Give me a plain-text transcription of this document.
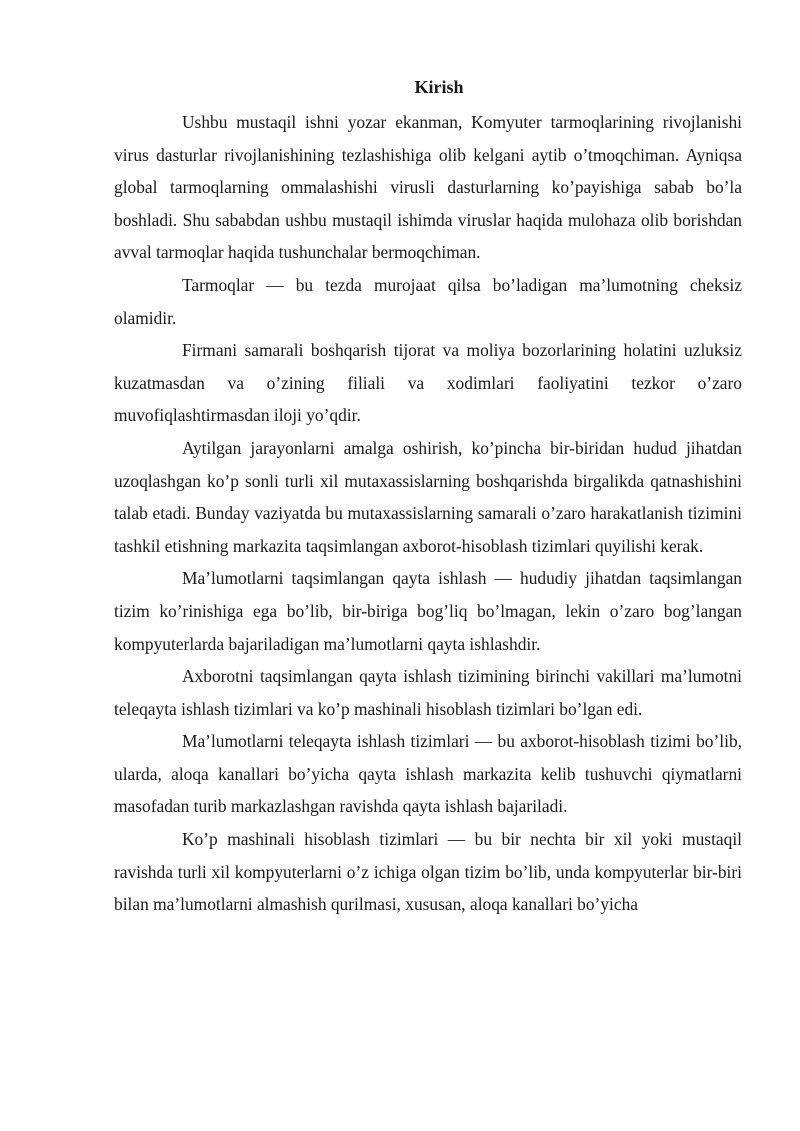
Kirish

Ushbu mustaqil ishni yozar ekanman, Komyuter tarmoqlarining rivojlanishi virus dasturlar rivojlanishining tezlashishiga olib kelgani aytib o’tmoqchiman. Ayniqsa global tarmoqlarning ommalashishi virusli dasturlarning ko’payishiga sabab bo’la boshladi. Shu sababdan ushbu mustaqil ishimda viruslar haqida mulohaza olib borishdan avval tarmoqlar haqida tushunchalar bermoqchiman.

Tarmoqlar — bu tezda murojaat qilsa bo’ladigan ma’lumotning cheksiz olamidir.

Firmani samarali boshqarish tijorat va moliya bozorlarining holatini uzluksiz kuzatmasdan va o’zining filiali va xodimlari faoliyatini tezkor o’zaro muvofiqlashtirmasdan iloji yo’qdir.

Aytilgan jarayonlarni amalga oshirish, ko’pincha bir-biridan hudud jihatdan uzoqlashgan ko’p sonli turli xil mutaxassislarning boshqarishda birgalikda qatnashishini talab etadi. Bunday vaziyatda bu mutaxassislarning samarali o’zaro harakatlanish tizimini tashkil etishning markazita taqsimlangan axborot-hisoblash tizimlari quyilishi kerak.

Ma’lumotlarni taqsimlangan qayta ishlash — hududiy jihatdan taqsimlangan tizim ko’rinishiga ega bo’lib, bir-biriga bog’liq bo’lmagan, lekin o’zaro bog’langan kompyuterlarda bajariladigan ma’lumotlarni qayta ishlashdir.

Axborotni taqsimlangan qayta ishlash tizimining birinchi vakillari ma’lumotni teleqayta ishlash tizimlari va ko’p mashinali hisoblash tizimlari bo’lgan edi.

Ma’lumotlarni teleqayta ishlash tizimlari — bu axborot-hisoblash tizimi bo’lib, ularda, aloqa kanallari bo’yicha qayta ishlash markazita kelib tushuvchi qiymatlarni masofadan turib markazlashgan ravishda qayta ishlash bajariladi.

Ko’p mashinali hisoblash tizimlari — bu bir nechta bir xil yoki mustaqil ravishda turli xil kompyuterlarni o’z ichiga olgan tizim bo’lib, unda kompyuterlar bir-biri bilan ma’lumotlarni almashish qurilmasi, xususan, aloqa kanallari bo’yicha
